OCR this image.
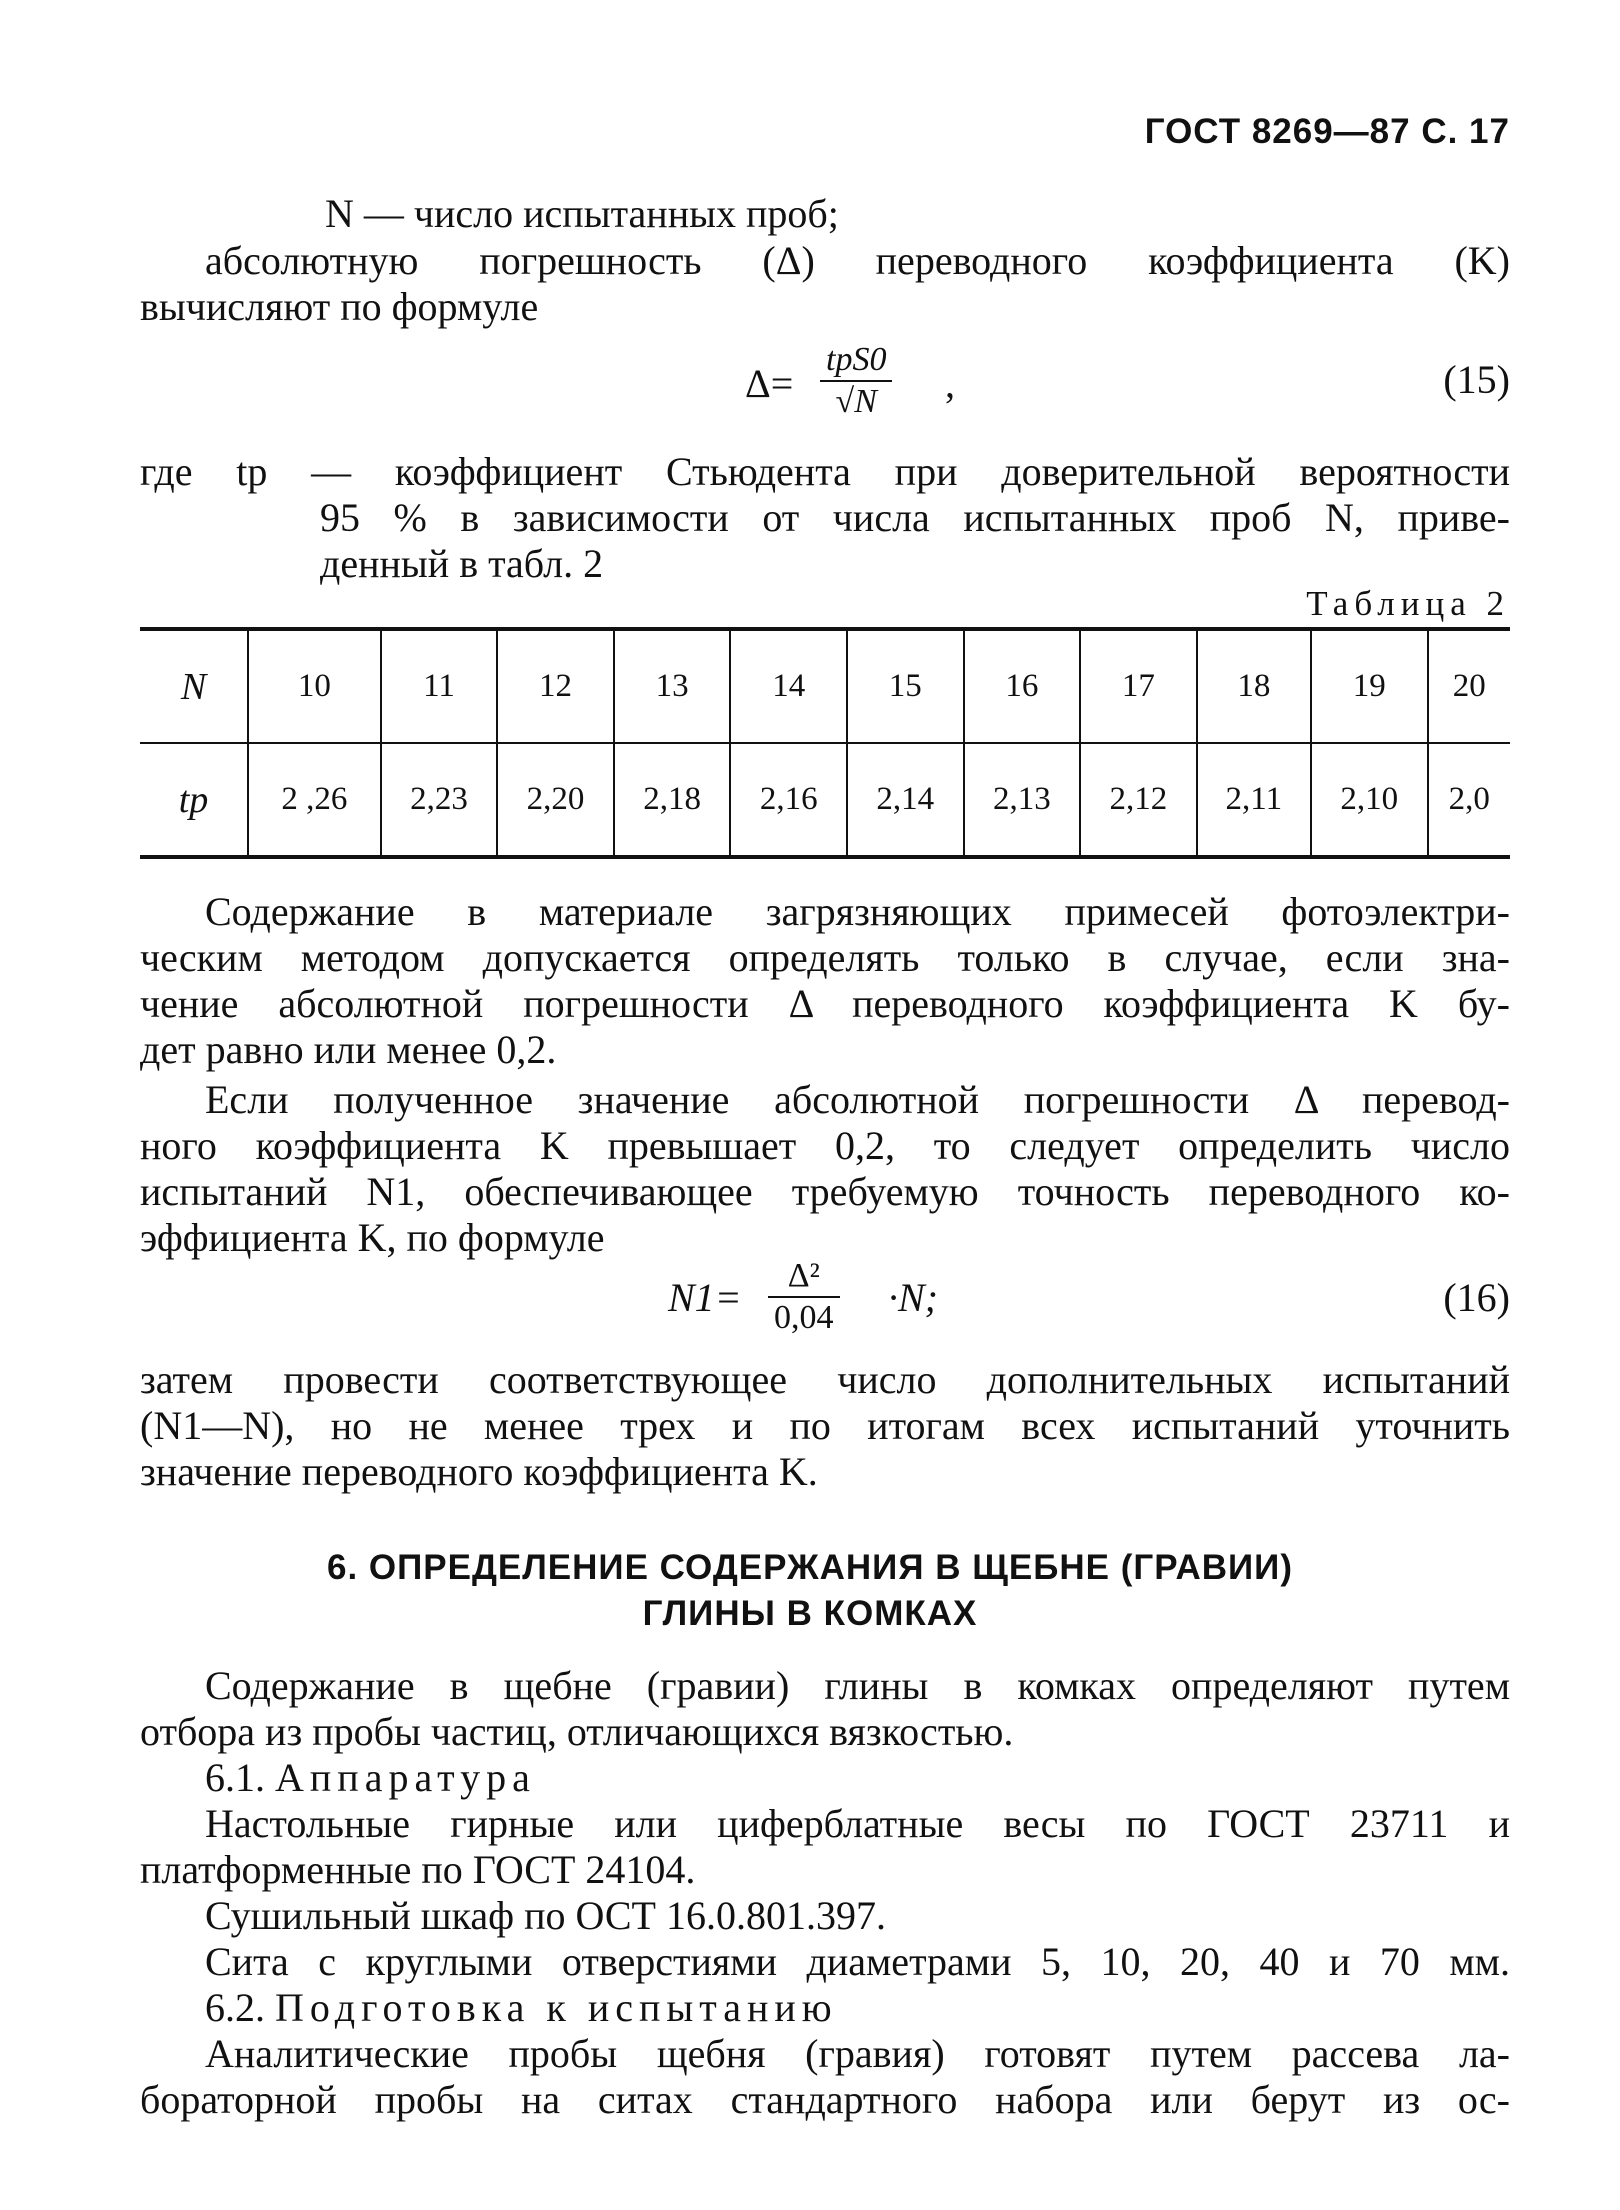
ГОСТ 8269—87 С. 17
N — число испытанных проб;
абсолютную погрешность (Δ) переводного коэффициента (K)
вычисляют по формуле
Δ=
tpS0
√N ,	(15)
где tр — коэффициент Стьюдента при доверительной вероятности
95 % в зависимости от числа испытанных проб N, приве-
денный в табл. 2
Таблица 2
N	10	11	12	13	14	15	16	17	18	19	20
tp	2 ,26	2,23	2,20	2,18	2,16	2,14	2,13	2,12	2,11	2,10	2,0
Содержание в материале загрязняющих примесей фотоэлектри-
ческим методом допускается определять только в случае, если зна-
чение абсолютной погрешности Δ переводного коэффициента K бу-
дет равно или менее 0,2.
Если полученное значение абсолютной погрешности Δ перевод-
ного коэффициента K превышает 0,2, то следует определить число
испытаний N1, обеспечивающее требуемую точность переводного ко-
эффициента K, по формуле
N1= Δ²
0,04 ·N;	(16)
затем провести соответствующее число дополнительных испытаний
(N1—N), но не менее трех и по итогам всех испытаний уточнить
значение переводного коэффициента K.
6. ОПРЕДЕЛЕНИЕ СОДЕРЖАНИЯ В ЩЕБНЕ (ГРАВИИ)
ГЛИНЫ В КОМКАХ
Содержание в щебне (гравии) глины в комках определяют путем
отбора из пробы частиц, отличающихся вязкостью.
6.1. Аппаратура
Настольные гирные или циферблатные весы по ГОСТ 23711 и
платформенные по ГОСТ 24104.
Сушильный шкаф по ОСТ 16.0.801.397.
Сита с круглыми отверстиями диаметрами 5, 10, 20, 40 и 70 мм.
6.2. Подготовка к испытанию
Аналитические пробы щебня (гравия) готовят путем рассева ла-
бораторной пробы на ситах стандартного набора или берут из ос-
